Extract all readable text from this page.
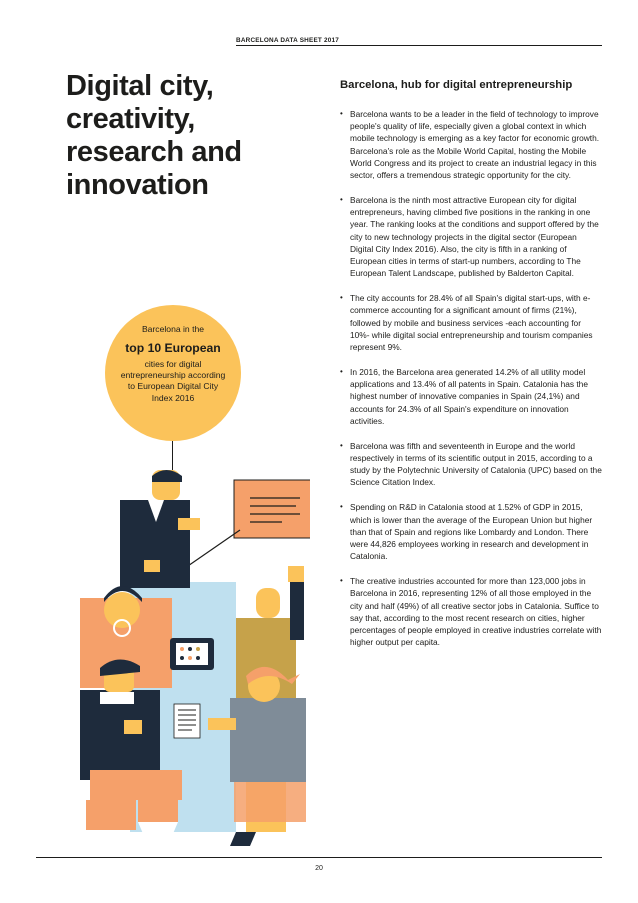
BARCELONA DATA SHEET 2017
Digital city, creativity, research and innovation
Barcelona, hub for digital entrepreneurship
• Barcelona wants to be a leader in the field of technology to improve people's quality of life, especially given a global context in which mobile technology is emerging as a key factor for economic growth. Barcelona's role as the Mobile World Capital, hosting the Mobile World Congress and its project to create an industrial legacy in this sector, offers a tremendous strategic opportunity for the city.
• Barcelona is the ninth most attractive European city for digital entrepreneurs, having climbed five positions in the ranking in one year. The ranking looks at the conditions and support offered by the city to new technology projects in the digital sector (European Digital City Index 2016). Also, the city is fifth in a ranking of European cities in terms of start-up numbers, according to The European Talent Landscape, published by Balderton Capital.
• The city accounts for 28.4% of all Spain's digital start-ups, with e-commerce accounting for a significant amount of firms (21%), followed by mobile and business services -each accounting for 10%- while digital social entrepreneurship and tourism companies represent 9%.
• In 2016, the Barcelona area generated 14.2% of all utility model applications and 13.4% of all patents in Spain. Catalonia has the highest number of innovative companies in Spain (24,1%) and accounts for 24.3% of all Spain's expenditure on innovation activities.
• Barcelona was fifth and seventeenth in Europe and the world respectively in terms of its scientific output in 2015, according to a study by the Polytechnic University of Catalonia (UPC) based on the Science Citation Index.
• Spending on R&D in Catalonia stood at 1.52% of GDP in 2015, which is lower than the average of the European Union but higher than that of Spain and regions like Lombardy and London. There were 44,826 employees working in research and development in Catalonia.
• The creative industries accounted for more than 123,000 jobs in Barcelona in 2016, representing 12% of all those employed in the city and half (49%) of all creative sector jobs in Catalonia. Suffice to say that, according to the most recent research on cities, higher percentages of people employed in creative industries correlate with higher output per capita.
Barcelona in the
top 10 European
cities for digital entrepreneurship according to European Digital City Index 2016
20
